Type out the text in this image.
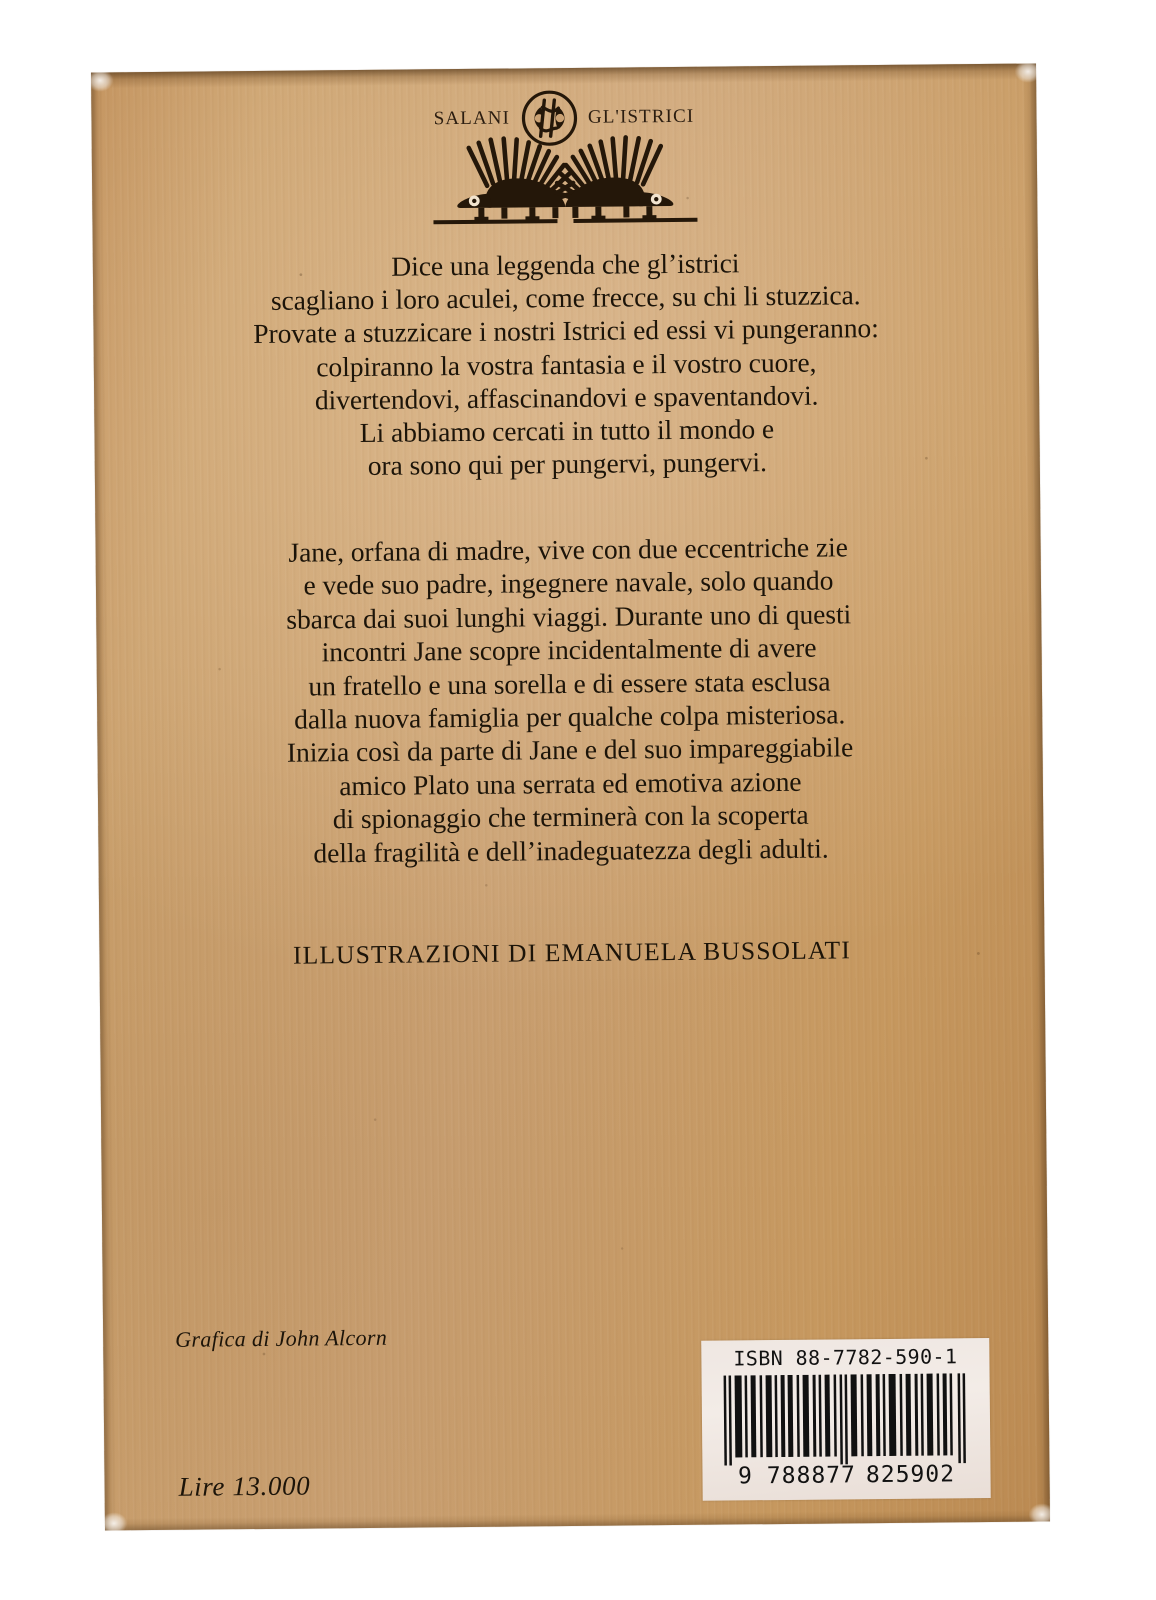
SALANI	GL'ISTRICI
Dice una leggenda che gl’istrici
scagliano i loro aculei, come frecce, su chi li stuzzica.
Provate a stuzzicare i nostri Istrici ed essi vi pungeranno:
colpiranno la vostra fantasia e il vostro cuore,
divertendovi, affascinandovi e spaventandovi.
Li abbiamo cercati in tutto il mondo e
ora sono qui per pungervi, pungervi.
Jane, orfana di madre, vive con due eccentriche zie
e vede suo padre, ingegnere navale, solo quando
sbarca dai suoi lunghi viaggi. Durante uno di questi
incontri Jane scopre incidentalmente di avere
un fratello e una sorella e di essere stata esclusa
dalla nuova famiglia per qualche colpa misteriosa.
Inizia così da parte di Jane e del suo impareggiabile
amico Plato una serrata ed emotiva azione
di spionaggio che terminerà con la scoperta
della fragilità e dell’inadeguatezza degli adulti.
ILLUSTRAZIONI DI EMANUELA BUSSOLATI
Grafica di John Alcorn
Lire 13.000
ISBN 88-7782-590-1
9 788877 825902
